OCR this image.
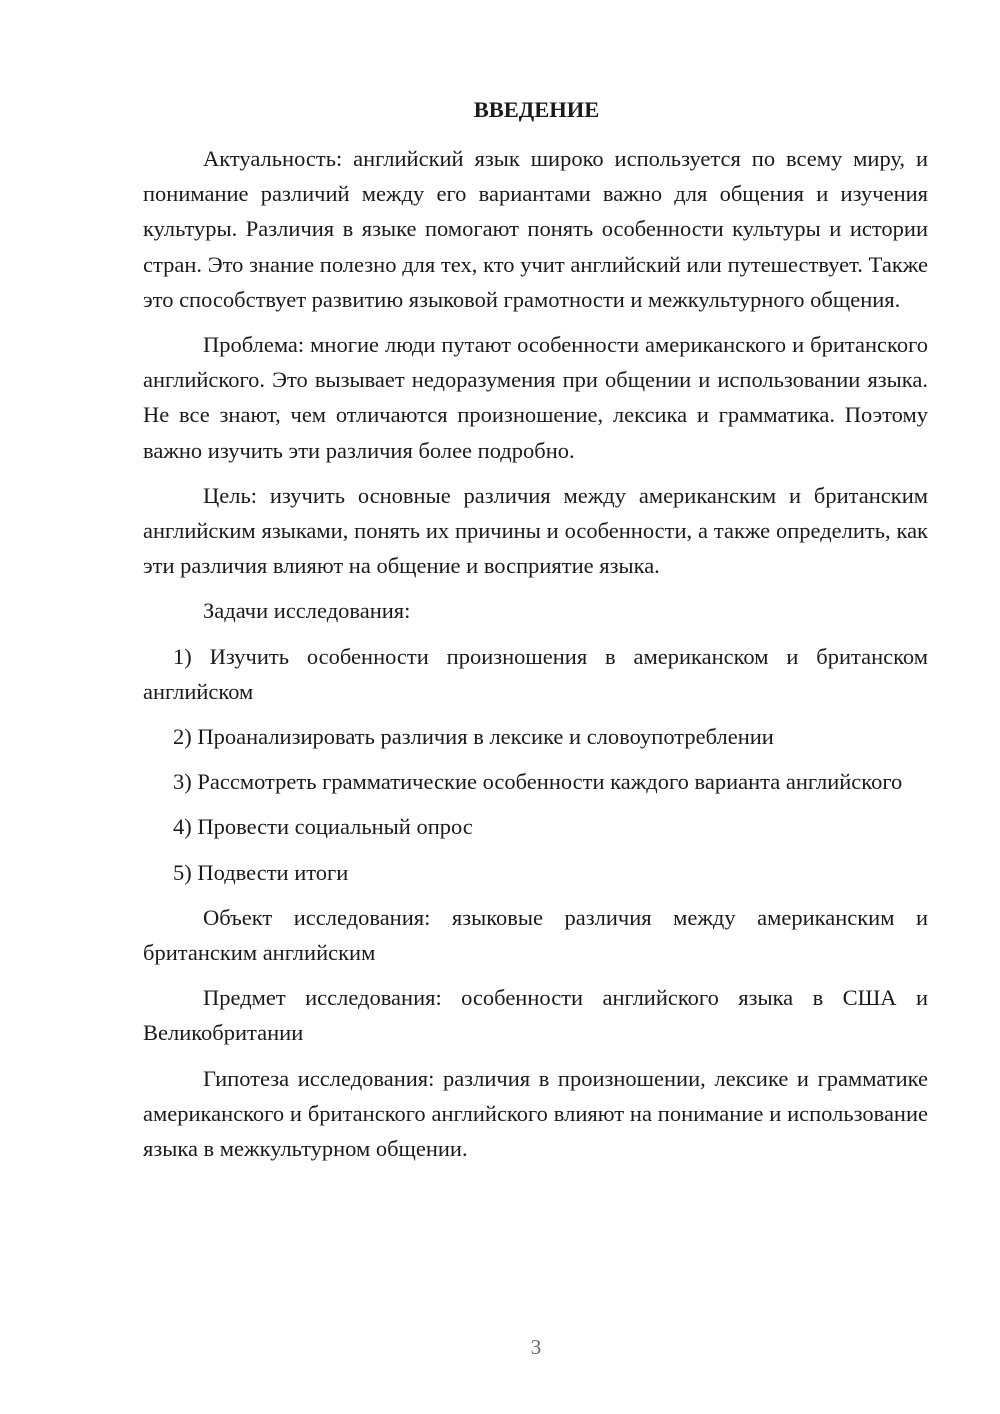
ВВЕДЕНИЕ

Актуальность: английский язык широко используется по всему миру, и понимание различий между его вариантами важно для общения и изучения культуры. Различия в языке помогают понять особенности культуры и истории стран. Это знание полезно для тех, кто учит английский или путешествует. Также это способствует развитию языковой грамотности и межкультурного общения.

Проблема: многие люди путают особенности американского и британского английского. Это вызывает недоразумения при общении и использовании языка. Не все знают, чем отличаются произношение, лексика и грамматика. Поэтому важно изучить эти различия более подробно.

Цель: изучить основные различия между американским и британским английским языками, понять их причины и особенности, а также определить, как эти различия влияют на общение и восприятие языка.

Задачи исследования:

1) Изучить особенности произношения в американском и британском английском

2) Проанализировать различия в лексике и словоупотреблении

3) Рассмотреть грамматические особенности каждого варианта английского

4) Провести социальный опрос

5) Подвести итоги

Объект исследования: языковые различия между американским и британским английским

Предмет исследования: особенности английского языка в США и Великобритании

Гипотеза исследования: различия в произношении, лексике и грамматике американского и британского английского влияют на понимание и использование языка в межкультурном общении.

3
